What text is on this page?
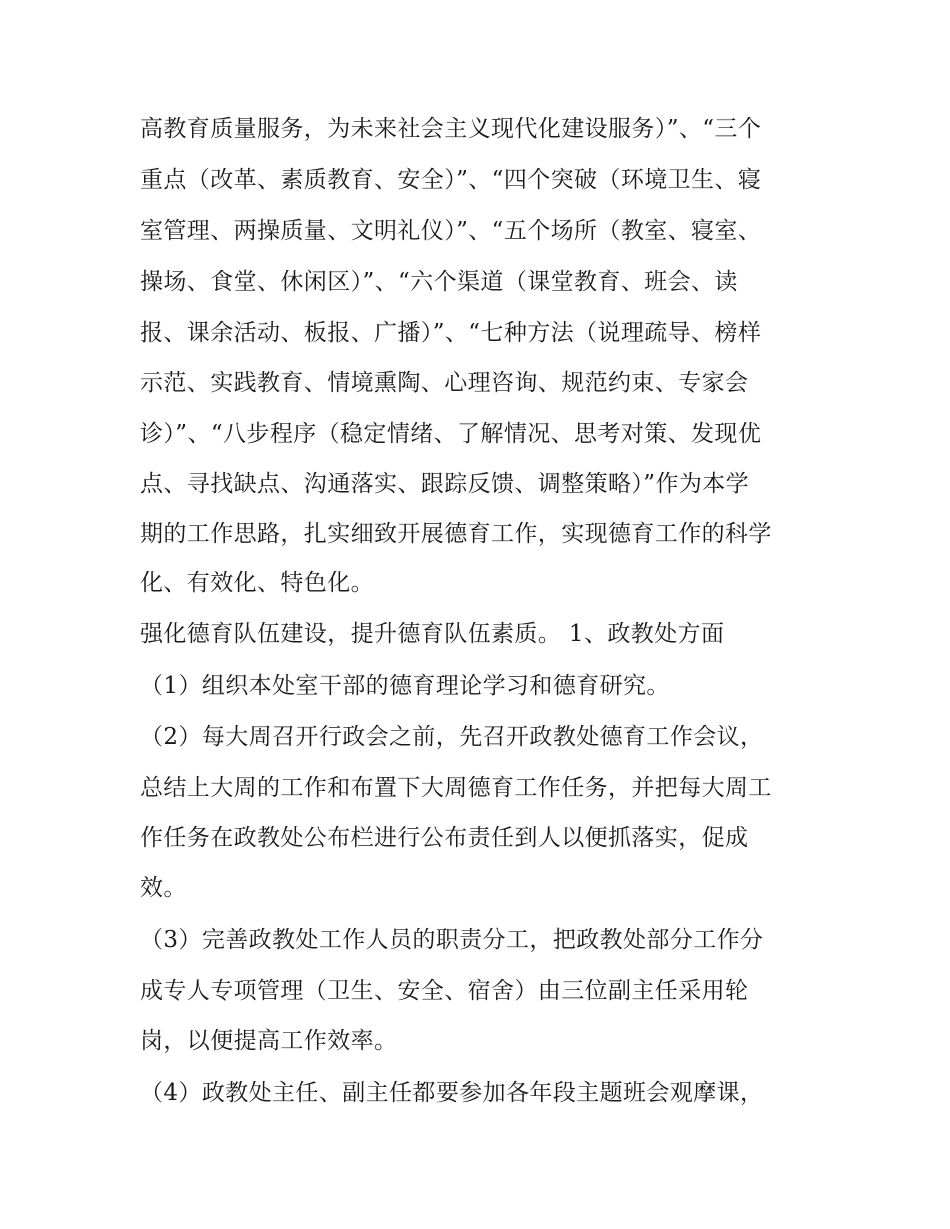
高教育质量服务，为未来社会主义现代化建设服务）”、“三个
重点（改革、素质教育、安全）”、“四个突破（环境卫生、寝
室管理、两操质量、文明礼仪）”、“五个场所（教室、寝室、
操场、食堂、休闲区）”、“六个渠道（课堂教育、班会、读
报、课余活动、板报、广播）”、“七种方法（说理疏导、榜样
示范、实践教育、情境熏陶、心理咨询、规范约束、专家会
诊）”、“八步程序（稳定情绪、了解情况、思考对策、发现优
点、寻找缺点、沟通落实、跟踪反馈、调整策略）”作为本学
期的工作思路，扎实细致开展德育工作，实现德育工作的科学
化、有效化、特色化。
强化德育队伍建设，提升德育队伍素质。 1、政教处方面
（1）组织本处室干部的德育理论学习和德育研究。
（2）每大周召开行政会之前，先召开政教处德育工作会议，
总结上大周的工作和布置下大周德育工作任务，并把每大周工
作任务在政教处公布栏进行公布责任到人以便抓落实，促成
效。
（3）完善政教处工作人员的职责分工，把政教处部分工作分
成专人专项管理（卫生、安全、宿舍）由三位副主任采用轮
岗，以便提高工作效率。
（4）政教处主任、副主任都要参加各年段主题班会观摩课，
